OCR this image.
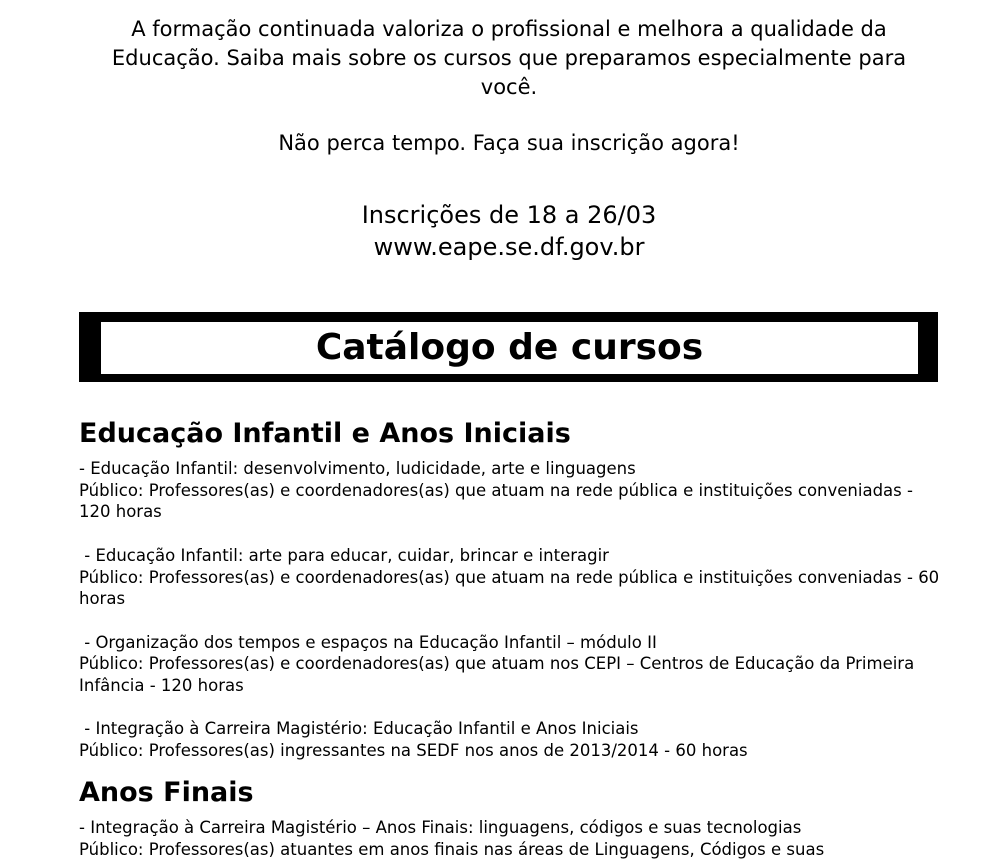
A formação continuada valoriza o profissional e melhora a qualidade da Educação. Saiba mais sobre os cursos que preparamos especialmente para você.

Não perca tempo. Faça sua inscrição agora!

Inscrições de 18 a 26/03

www.eape.se.df.gov.br

Catálogo de cursos
Educação Infantil e Anos Iniciais
- Educação Infantil: desenvolvimento, ludicidade, arte e linguagens
Público: Professores(as) e coordenadores(as) que atuam na rede pública e instituições conveniadas - 120 horas
- Educação Infantil: arte para educar, cuidar, brincar e interagir
Público: Professores(as) e coordenadores(as) que atuam na rede pública e instituições conveniadas - 60 horas
- Organização dos tempos e espaços na Educação Infantil – módulo II
Público: Professores(as) e coordenadores(as) que atuam nos CEPI – Centros de Educação da Primeira Infância - 120 horas
- Integração à Carreira Magistério: Educação Infantil e Anos Iniciais
Público: Professores(as) ingressantes na SEDF nos anos de 2013/2014 - 60 horas
Anos Finais
- Integração à Carreira Magistério – Anos Finais: linguagens, códigos e suas tecnologias
Público: Professores(as) atuantes em anos finais nas áreas de Linguagens, Códigos e suas
